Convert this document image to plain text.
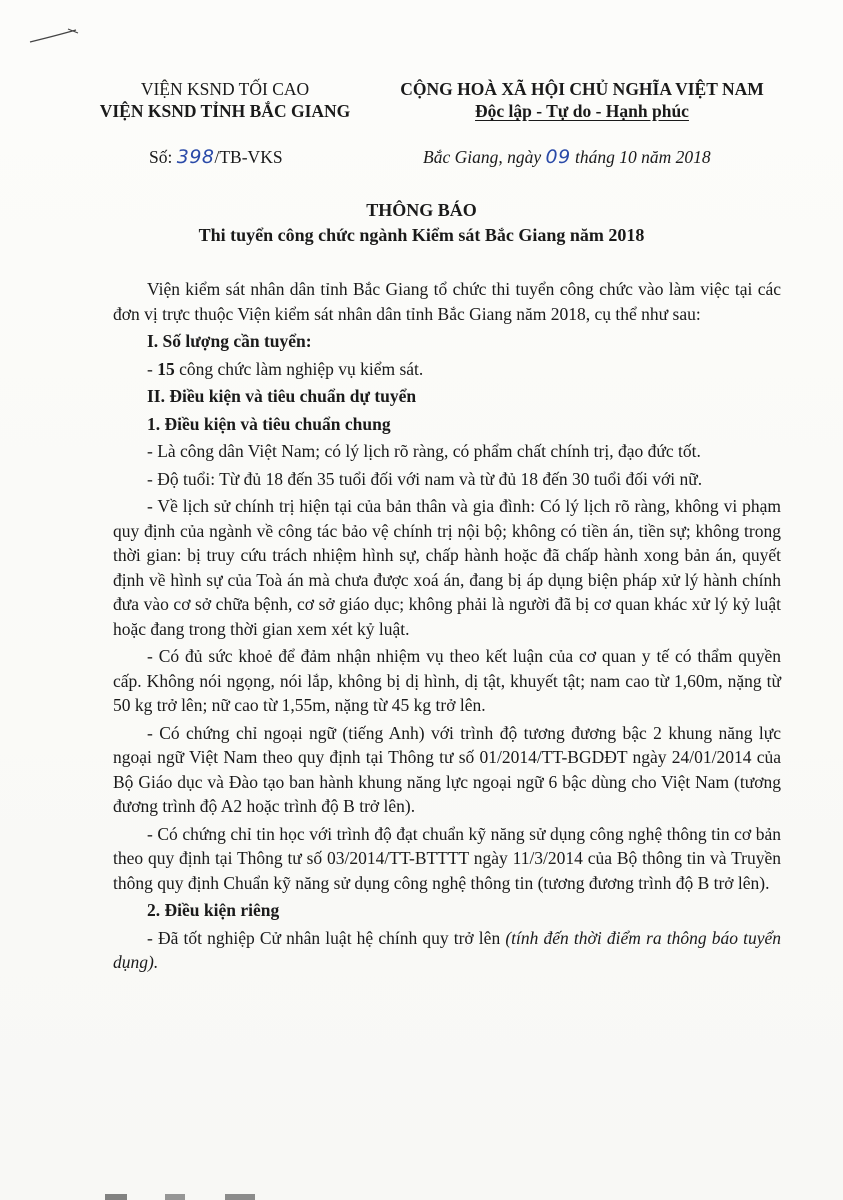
VIỆN KSND TỐI CAO
VIỆN KSND TỈNH BẮC GIANG
CỘNG HOÀ XÃ HỘI CHỦ NGHĨA VIỆT NAM
Độc lập - Tự do - Hạnh phúc
Số: 398/TB-VKS	Bắc Giang, ngày 09 tháng 10 năm 2018
THÔNG BÁO
Thi tuyển công chức ngành Kiểm sát Bắc Giang năm 2018

Viện kiểm sát nhân dân tỉnh Bắc Giang tổ chức thi tuyển công chức vào làm việc tại các đơn vị trực thuộc Viện kiểm sát nhân dân tỉnh Bắc Giang năm 2018, cụ thể như sau:

I. Số lượng cần tuyển:

- 15 công chức làm nghiệp vụ kiểm sát.

II. Điều kiện và tiêu chuẩn dự tuyển

1. Điều kiện và tiêu chuẩn chung

- Là công dân Việt Nam; có lý lịch rõ ràng, có phẩm chất chính trị, đạo đức tốt.

- Độ tuổi: Từ đủ 18 đến 35 tuổi đối với nam và từ đủ 18 đến 30 tuổi đối với nữ.

- Về lịch sử chính trị hiện tại của bản thân và gia đình: Có lý lịch rõ ràng, không vi phạm quy định của ngành về công tác bảo vệ chính trị nội bộ; không có tiền án, tiền sự; không trong thời gian: bị truy cứu trách nhiệm hình sự, chấp hành hoặc đã chấp hành xong bản án, quyết định về hình sự của Toà án mà chưa được xoá án, đang bị áp dụng biện pháp xử lý hành chính đưa vào cơ sở chữa bệnh, cơ sở giáo dục; không phải là người đã bị cơ quan khác xử lý kỷ luật hoặc đang trong thời gian xem xét kỷ luật.

- Có đủ sức khoẻ để đảm nhận nhiệm vụ theo kết luận của cơ quan y tế có thẩm quyền cấp. Không nói ngọng, nói lắp, không bị dị hình, dị tật, khuyết tật; nam cao từ 1,60m, nặng từ 50 kg trở lên; nữ cao từ 1,55m, nặng từ 45 kg trở lên.

- Có chứng chỉ ngoại ngữ (tiếng Anh) với trình độ tương đương bậc 2 khung năng lực ngoại ngữ Việt Nam theo quy định tại Thông tư số 01/2014/TT-BGDĐT ngày 24/01/2014 của Bộ Giáo dục và Đào tạo ban hành khung năng lực ngoại ngữ 6 bậc dùng cho Việt Nam (tương đương trình độ A2 hoặc trình độ B trở lên).

- Có chứng chỉ tin học với trình độ đạt chuẩn kỹ năng sử dụng công nghệ thông tin cơ bản theo quy định tại Thông tư số 03/2014/TT-BTTTT ngày 11/3/2014 của Bộ thông tin và Truyền thông quy định Chuẩn kỹ năng sử dụng công nghệ thông tin (tương đương trình độ B trở lên).

2. Điều kiện riêng

- Đã tốt nghiệp Cử nhân luật hệ chính quy trở lên (tính đến thời điểm ra thông báo tuyển dụng).
